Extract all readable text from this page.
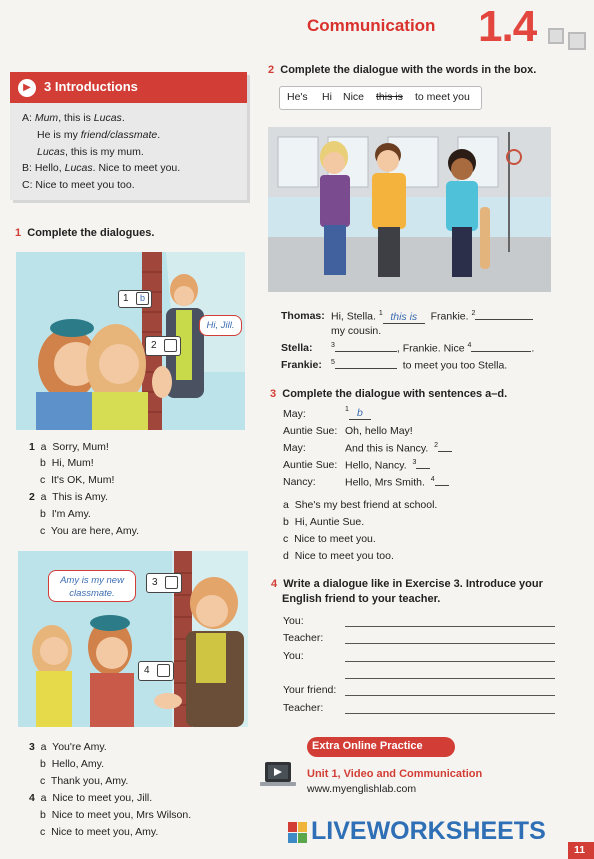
Communication 1.4
▶	3 Introductions
A: Mum, this is Lucas.
He is my friend/classmate.
Lucas, this is my mum.
B: Hello, Lucas. Nice to meet you.
C: Nice to meet you too.
1 Complete the dialogues.
1	b
Hi, Jill.
2
1  a  Sorry, Mum!
b  Hi, Mum!
c  It's OK, Mum!
2  a  This is Amy.
b  I'm Amy.
c  You are here, Amy.
Amy is my new classmate.
3
4
3  a  You're Amy.
b  Hello, Amy.
c  Thank you, Amy.
4  a  Nice to meet you, Jill.
b  Nice to meet you, Mrs Wilson.
c  Nice to meet you, Amy.
2 Complete the dialogue with the words in the box.
He's Hi Nice this is to meet you
Thomas: Hi, Stella. $^1$ this is Frankie. $^2$
my cousin.
Stella:	$^3$	, Frankie. Nice $^4$	.
Frankie: $^5$	to meet you too Stella.
3 Complete the dialogue with sentences a–d.
May:	$^1$ b
Auntie Sue: Oh, hello May!
May:	And this is Nancy. $^2$
Auntie Sue: Hello, Nancy. $^3$
Nancy:	Hello, Mrs Smith. $^4$
a She's my best friend at school.
b Hi, Auntie Sue.
c Nice to meet you.
d Nice to meet you too.
4 Write a dialogue like in Exercise 3. Introduce your
English friend to your teacher.
You:
Teacher:
You:
Your friend:
Teacher:
Extra Online Practice
Unit 1, Video and Communication
www.myenglishlab.com
LIVEWORKSHEETS
11
